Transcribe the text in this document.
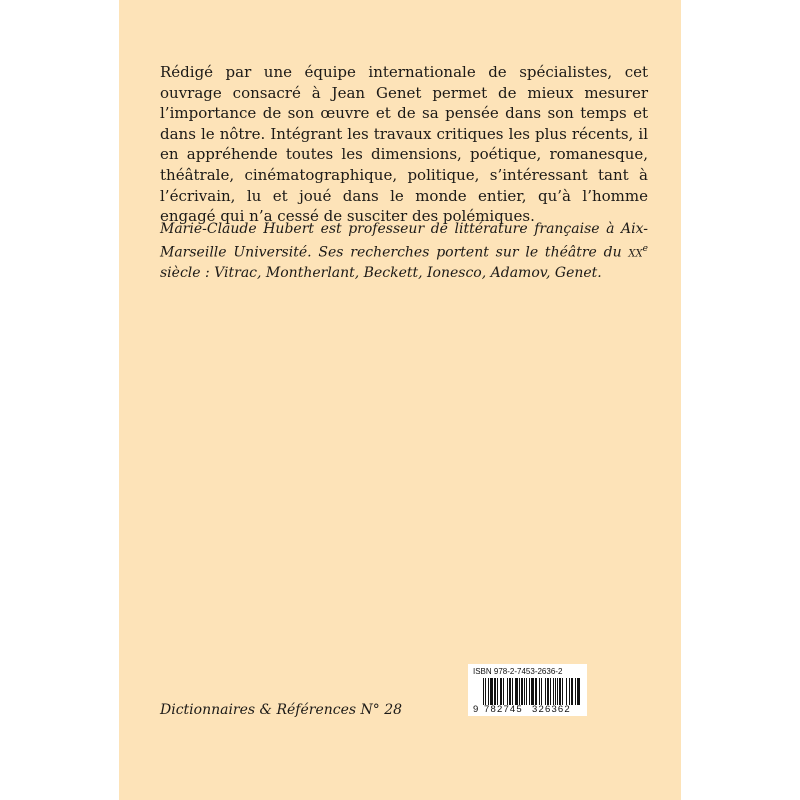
Rédigé par une équipe internationale de spécialistes, cet ouvrage consacré à Jean Genet permet de mieux mesurer l’importance de son œuvre et de sa pensée dans son temps et dans le nôtre. Intégrant les travaux critiques les plus récents, il en appréhende toutes les dimensions, poétique, romanesque, théâtrale, cinématographique, politique, s’intéressant tant à l’écrivain, lu et joué dans le monde entier, qu’à l’homme engagé qui n’a cessé de susciter des polémiques.

Marie-Claude Hubert est professeur de littérature française à Aix-Marseille Université. Ses recherches portent sur le théâtre du $xx^e$ siècle : Vitrac, Montherlant, Beckett, Ionesco, Adamov, Genet.

Dictionnaires & Références N° 28

ISBN 978-2-7453-2636-2
9 782745 326362
